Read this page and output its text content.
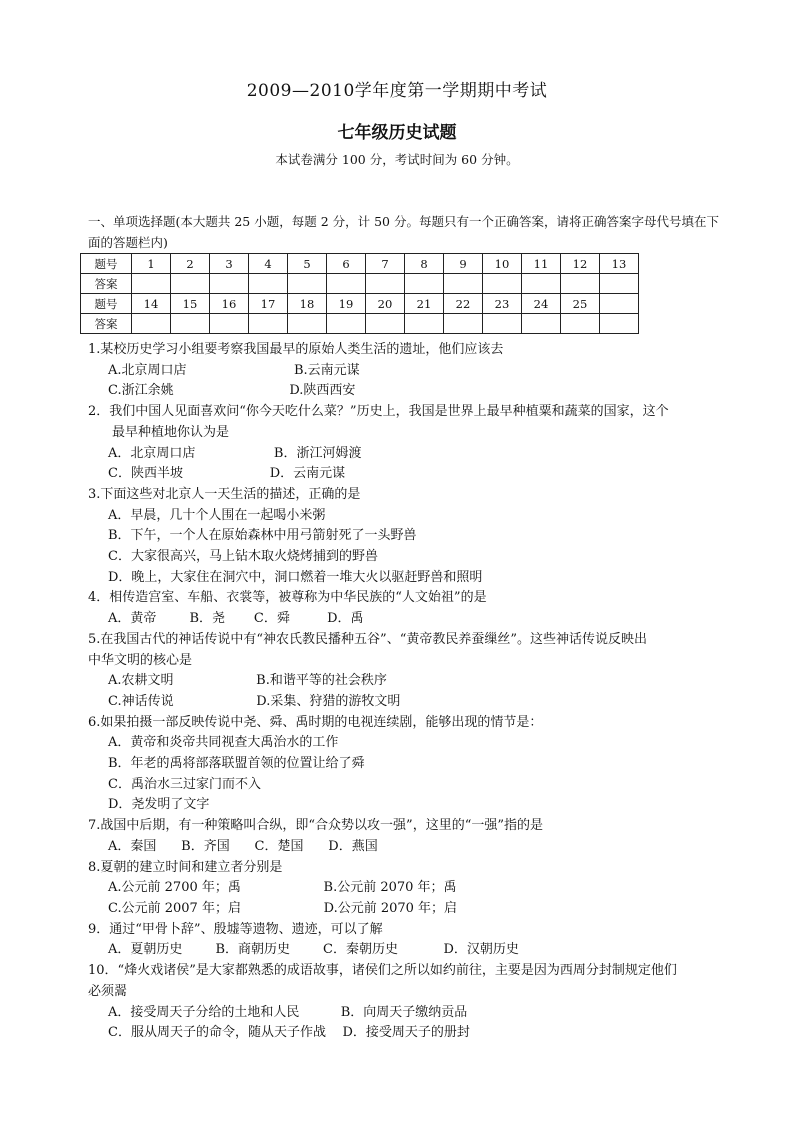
2009—2010学年度第一学期期中考试
七年级历史试题
本试卷满分 100 分，考试时间为 60 分钟。
一、单项选择题(本大题共 25 小题，每题 2 分，计 50 分。每题只有一个正确答案，请将正确答案字母代号填在下面的答题栏内)
题号	1	2	3	4	5	6	7	8	9	10	11	12	13
答案													
题号	14	15	16	17	18	19	20	21	22	23	24	25	
答案													
1.某校历史学习小组要考察我国最早的原始人类生活的遗址，他们应该去
A.北京周口店                          B.云南元谋
C.浙江余姚                            D.陕西西安
2．我们中国人见面喜欢问“你今天吃什么菜？”历史上，我国是世界上最早种植粟和蔬菜的国家，这个
最早种植地你认为是
A．北京周口店                   B．浙江河姆渡
C．陕西半坡                     D．云南元谋
3.下面这些对北京人一天生活的描述，正确的是
A．早晨，几十个人围在一起喝小米粥
B．下午，一个人在原始森林中用弓箭射死了一头野兽
C．大家很高兴，马上钻木取火烧烤捕到的野兽
D．晚上，大家住在洞穴中，洞口燃着一堆大火以驱赶野兽和照明
4．相传造宫室、车船、衣裳等，被尊称为中华民族的“人文始祖”的是
A．黄帝        B．尧       C．舜         D．禹
5.在我国古代的神话传说中有“神农氏教民播种五谷”、“黄帝教民养蚕缫丝”。这些神话传说反映出
中华文明的核心是
A.农耕文明                    B.和谐平等的社会秩序
C.神话传说                    D.采集、狩猎的游牧文明
6.如果拍摄一部反映传说中尧、舜、禹时期的电视连续剧，能够出现的情节是：
A．黄帝和炎帝共同视查大禹治水的工作
B．年老的禹将部落联盟首领的位置让给了舜
C．禹治水三过家门而不入
D．尧发明了文字
7.战国中后期，有一种策略叫合纵，即“合众势以攻一强”，这里的“一强”指的是
A．秦国      B．齐国      C．楚国      D．燕国
8.夏朝的建立时间和建立者分别是
A.公元前 2700 年；禹                    B.公元前 2070 年；禹
C.公元前 2007 年；启                    D.公元前 2070 年；启
9．通过“甲骨卜辞”、殷墟等遗物、遗迹，可以了解
A．夏朝历史        B．商朝历史        C．秦朝历史           D．汉朝历史
10．“烽火戏诸侯”是大家都熟悉的成语故事，诸侯们之所以如约前往，主要是因为西周分封制规定他们
必须翯
A．接受周天子分给的土地和人民          B．向周天子缴纳贡品
C．服从周天子的命令，随从天子作战    D．接受周天子的册封
